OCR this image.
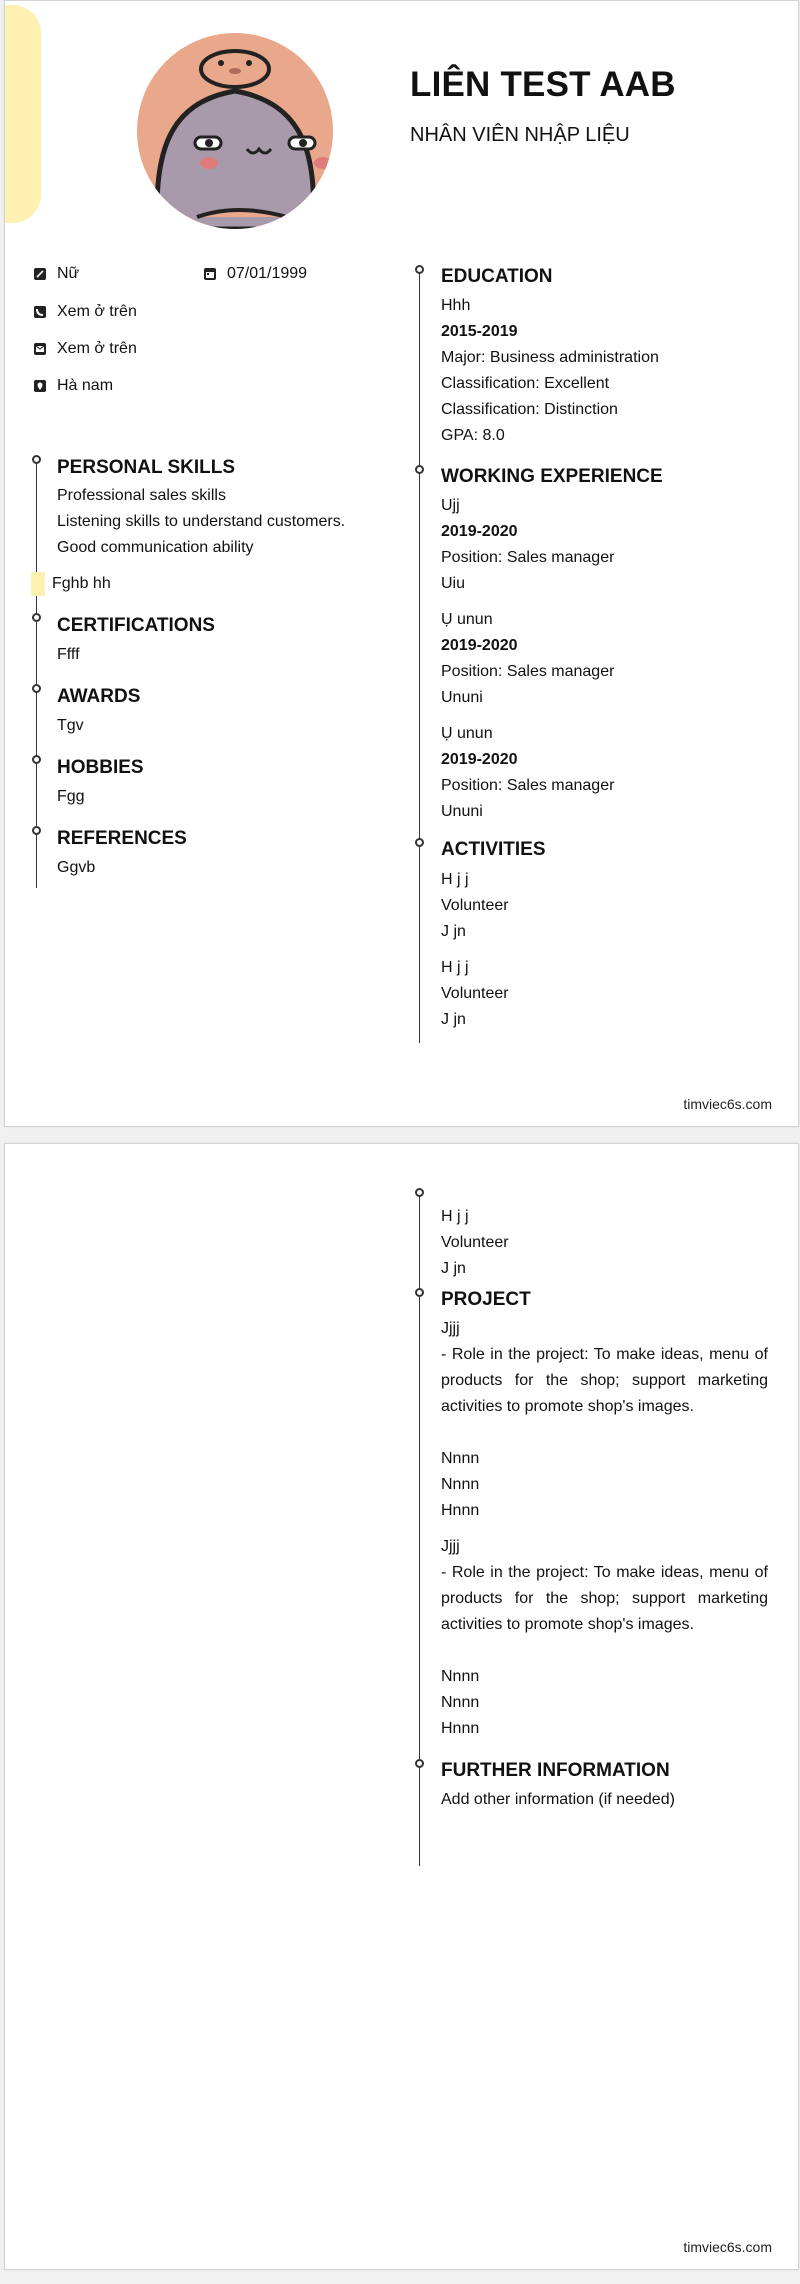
LIÊN TEST AAB
NHÂN VIÊN NHẬP LIỆU
Nữ	07/01/1999
Xem ở trên
Xem ở trên
Hà nam
PERSONAL SKILLS
Professional sales skills
Listening skills to understand customers.
Good communication ability
Fghb hh
CERTIFICATIONS
Ffff
AWARDS
Tgv
HOBBIES
Fgg
REFERENCES
Ggvb
EDUCATION
Hhh
2015-2019
Major: Business administration
Classification: Excellent
Classification: Distinction
GPA: 8.0
WORKING EXPERIENCE
Ujj
2019-2020
Position: Sales manager
Uiu
Ụ unun
2019-2020
Position: Sales manager
Ununi
Ụ unun
2019-2020
Position: Sales manager
Ununi
ACTIVITIES
H j j
Volunteer
J jn
H j j
Volunteer
J jn
timviec6s.com
H j j
Volunteer
J jn
PROJECT
Jjjj
- Role in the project: To make ideas, menu of products for the shop; support marketing activities to promote shop's images.
Nnnn
Nnnn
Hnnn
Jjjj
- Role in the project: To make ideas, menu of products for the shop; support marketing activities to promote shop's images.
Nnnn
Nnnn
Hnnn
FURTHER INFORMATION
Add other information (if needed)
timviec6s.com
